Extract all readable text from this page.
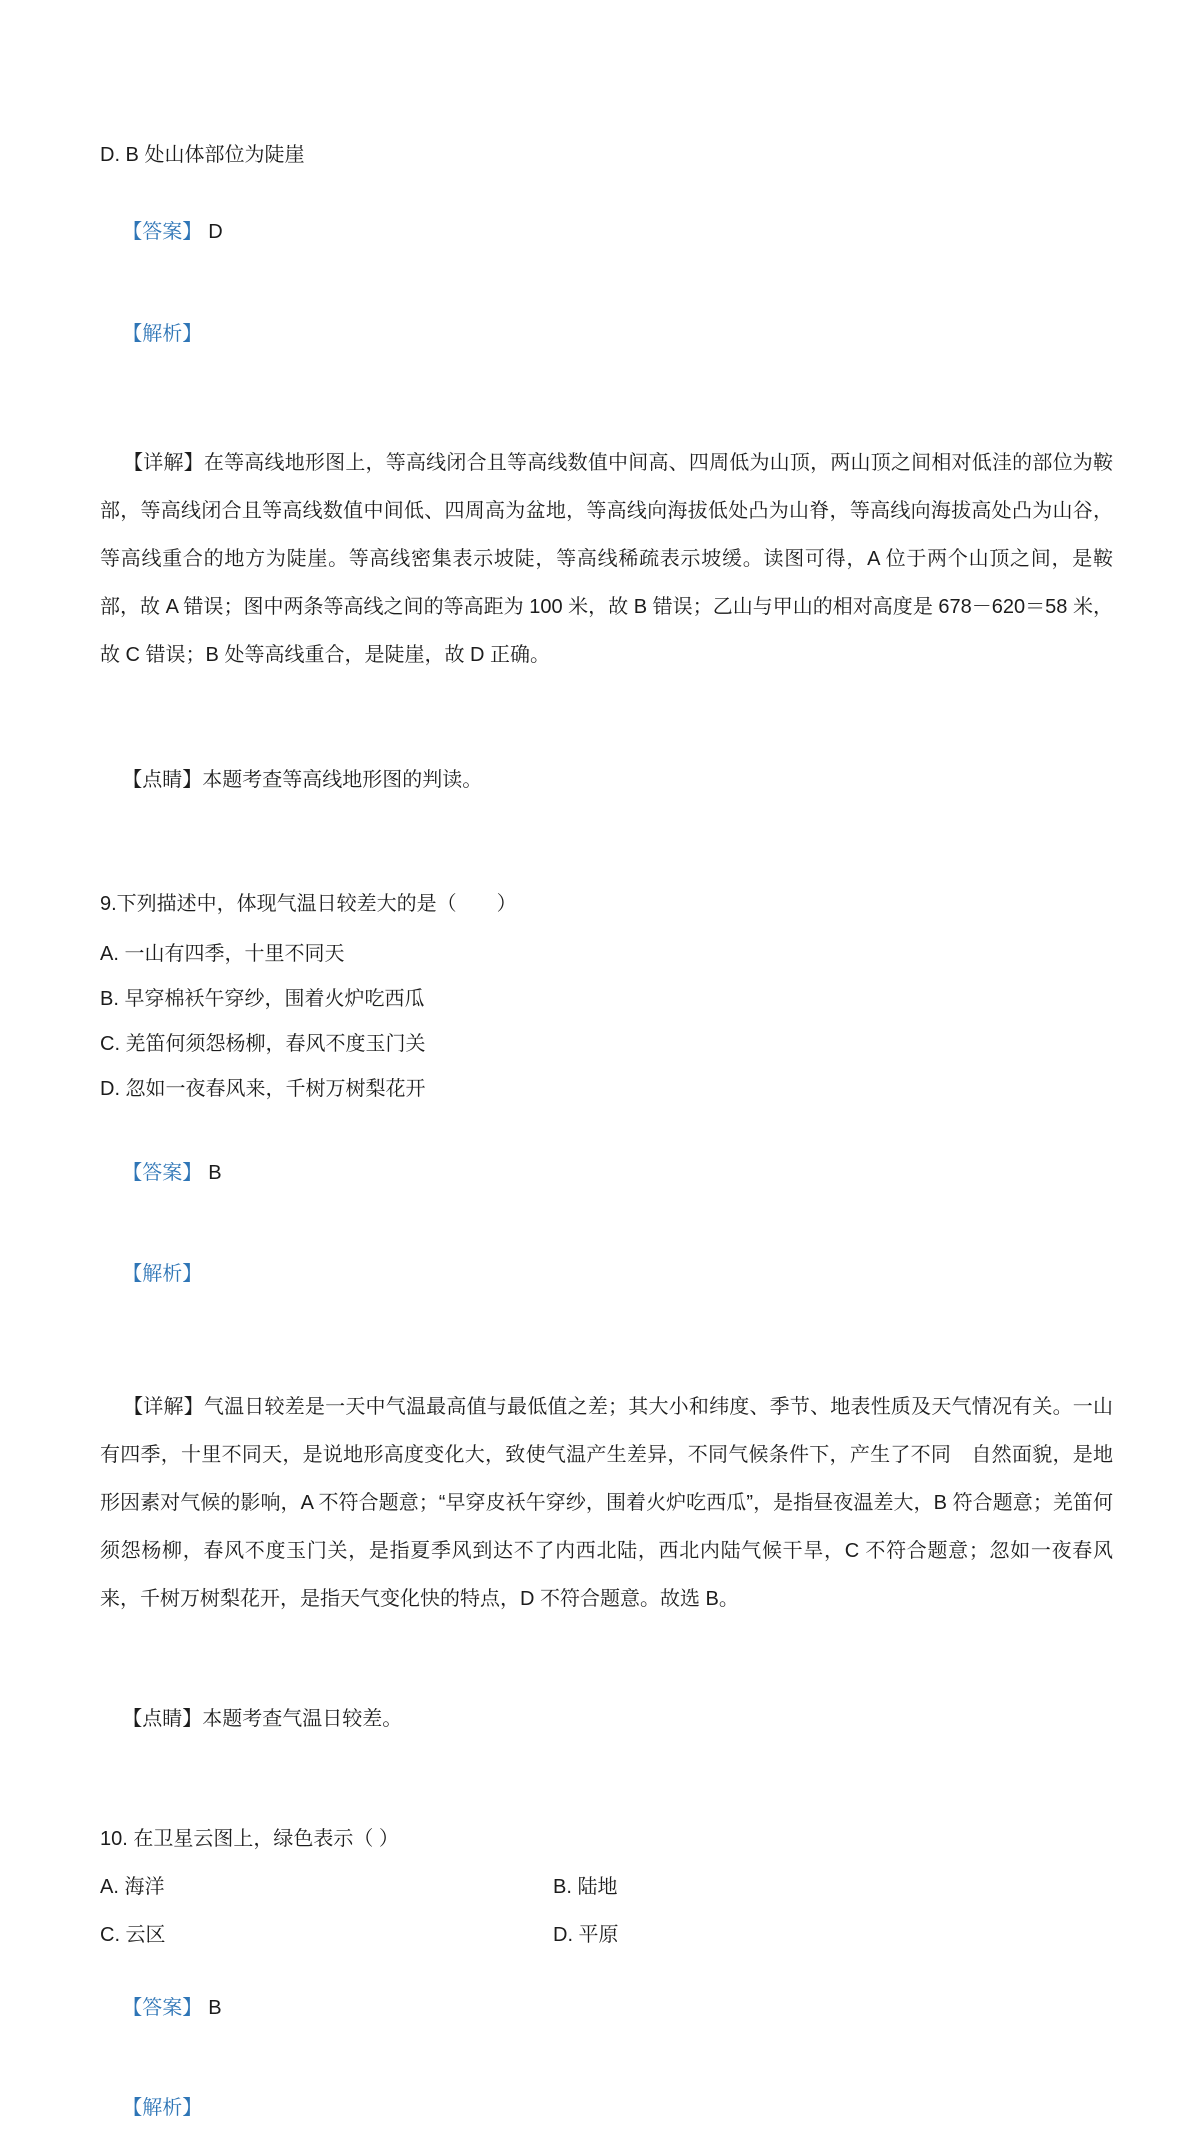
D. B 处山体部位为陡崖

【答案】 D

【解析】

【详解】在等高线地形图上，等高线闭合且等高线数值中间高、四周低为山顶，两山顶之间相对低洼的部位为鞍部，等高线闭合且等高线数值中间低、四周高为盆地，等高线向海拔低处凸为山脊，等高线向海拔高处凸为山谷，等高线重合的地方为陡崖。等高线密集表示坡陡，等高线稀疏表示坡缓。读图可得，A 位于两个山顶之间，是鞍部，故 A 错误；图中两条等高线之间的等高距为 100 米，故 B 错误；乙山与甲山的相对高度是 678－620＝58 米，故 C 错误；B 处等高线重合，是陡崖，故 D 正确。

【点睛】本题考查等高线地形图的判读。

9.下列描述中，体现气温日较差大的是（　　）
A. 一山有四季，十里不同天
B. 早穿棉袄午穿纱，围着火炉吃西瓜
C. 羌笛何须怨杨柳，春风不度玉门关
D. 忽如一夜春风来，千树万树梨花开

【答案】 B

【解析】

【详解】气温日较差是一天中气温最高值与最低值之差；其大小和纬度、季节、地表性质及天气情况有关。一山有四季，十里不同天，是说地形高度变化大，致使气温产生差异，不同气候条件下，产生了不同　自然面貌，是地形因素对气候的影响，A 不符合题意；“早穿皮袄午穿纱，围着火炉吃西瓜”，是指昼夜温差大，B 符合题意；羌笛何须怨杨柳，春风不度玉门关，是指夏季风到达不了内西北陆，西北内陆气候干旱，C 不符合题意；忽如一夜春风来，千树万树梨花开，是指天气变化快的特点，D 不符合题意。故选 B。

【点睛】本题考查气温日较差。

10. 在卫星云图上，绿色表示（ ）
A. 海洋	B. 陆地
C. 云区	D. 平原

【答案】 B

【解析】
